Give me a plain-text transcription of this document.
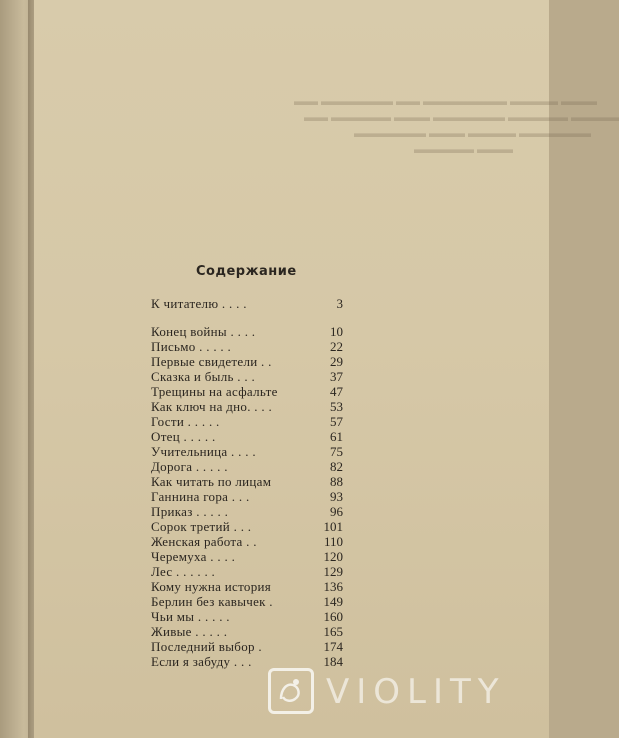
▬▬▬ ▬▬▬▬ ▬▬▬▬▬▬▬ ▬▬ ▬▬▬▬▬▬ ▬▬
▬▬▬▬ ▬▬▬▬▬ ▬▬▬▬▬▬ ▬▬▬ ▬▬▬▬▬ ▬▬
▬▬▬▬▬▬ ▬▬▬▬ ▬▬▬ ▬▬▬▬▬▬
▬▬▬ ▬▬▬▬▬
Содержание
К читателю . . . .	3
Конец войны . . . .	10
Письмо . . . . .	22
Первые свидетели . .	29
Сказка и быль . . .	37
Трещины на асфальте	47
Как ключ на дно. . . .	53
Гости . . . . .	57
Отец . . . . .	61
Учительница . . . .	75
Дорога . . . . .	82
Как читать по лицам	88
Ганнина гора . . .	93
Приказ . . . . .	96
Сорок третий . . .	101
Женская работа . .	110
Черемуха . . . .	120
Лес . . . . . .	129
Кому нужна история	136
Берлин без кавычек .	149
Чьи мы . . . . .	160
Живые . . . . .	165
Последний выбор .	174
Если я забуду . . .	184
VIOLITY
